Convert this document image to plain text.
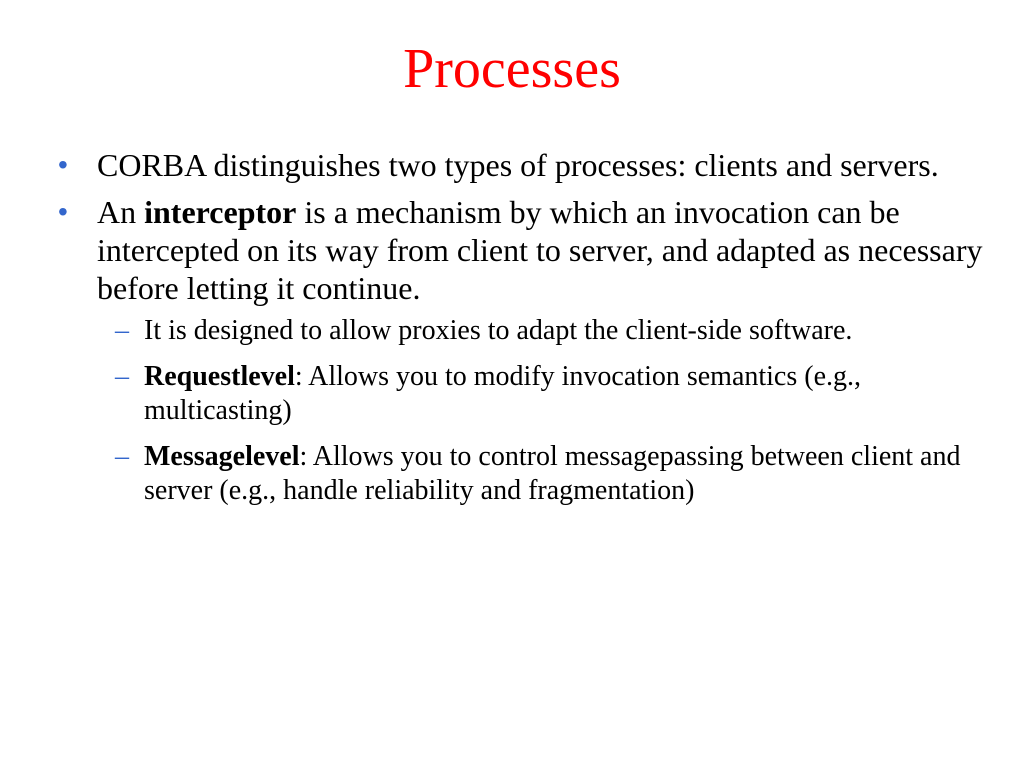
Processes
• CORBA distinguishes two types of processes: clients and servers.
• An interceptor is a mechanism by which an invocation can be intercepted on its way from client to server, and adapted as necessary before letting it continue.
– It is designed to allow proxies to adapt the client-side software.
– Requestlevel: Allows you to modify invocation semantics (e.g., multicasting)
– Messagelevel: Allows you to control messagepassing between client and server (e.g., handle reliability and fragmentation)
